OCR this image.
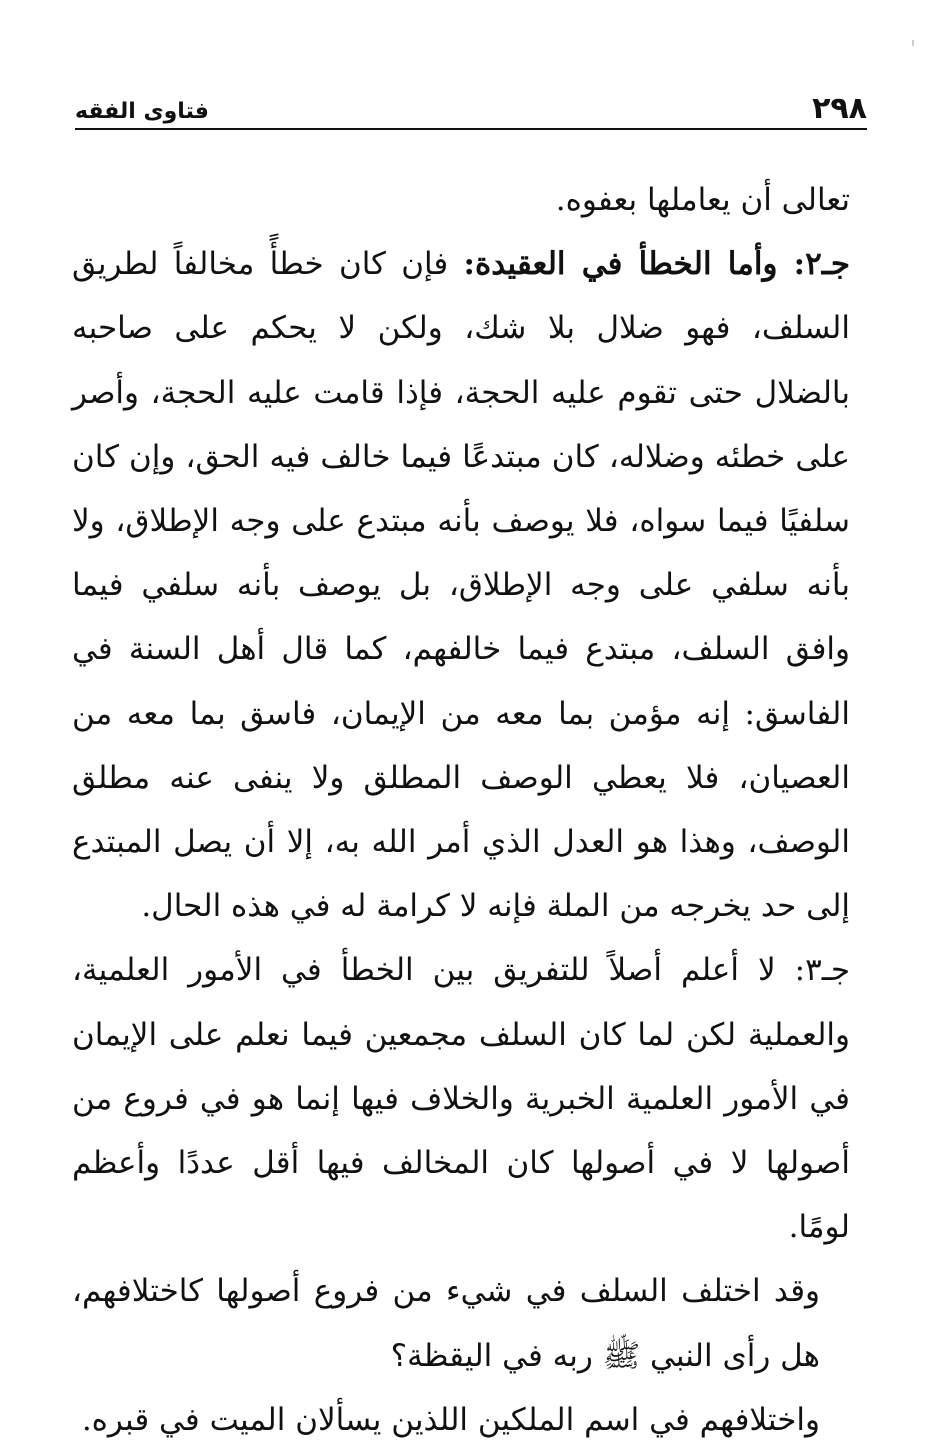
٢٩٨
فتاوى الفقه

تعالى أن يعاملها بعفوه.

جـ٢: وأما الخطأ في العقيدة: فإن كان خطأً مخالفاً لطريق السلف، فهو ضلال بلا شك، ولكن لا يحكم على صاحبه بالضلال حتى تقوم عليه الحجة، فإذا قامت عليه الحجة، وأصر على خطئه وضلاله، كان مبتدعًا فيما خالف فيه الحق، وإن كان سلفيًا فيما سواه، فلا يوصف بأنه مبتدع على وجه الإطلاق، ولا بأنه سلفي على وجه الإطلاق، بل يوصف بأنه سلفي فيما وافق السلف، مبتدع فيما خالفهم، كما قال أهل السنة في الفاسق: إنه مؤمن بما معه من الإيمان، فاسق بما معه من العصيان، فلا يعطي الوصف المطلق ولا ينفى عنه مطلق الوصف، وهذا هو العدل الذي أمر الله به، إلا أن يصل المبتدع إلى حد يخرجه من الملة فإنه لا كرامة له في هذه الحال.

جـ٣: لا أعلم أصلاً للتفريق بين الخطأ في الأمور العلمية، والعملية لكن لما كان السلف مجمعين فيما نعلم على الإيمان في الأمور العلمية الخبرية والخلاف فيها إنما هو في فروع من أصولها لا في أصولها كان المخالف فيها أقل عددًا وأعظم لومًا.

وقد اختلف السلف في شيء من فروع أصولها كاختلافهم، هل رأى النبي ﷺ ربه في اليقظة؟

واختلافهم في اسم الملكين اللذين يسألان الميت في قبره.
